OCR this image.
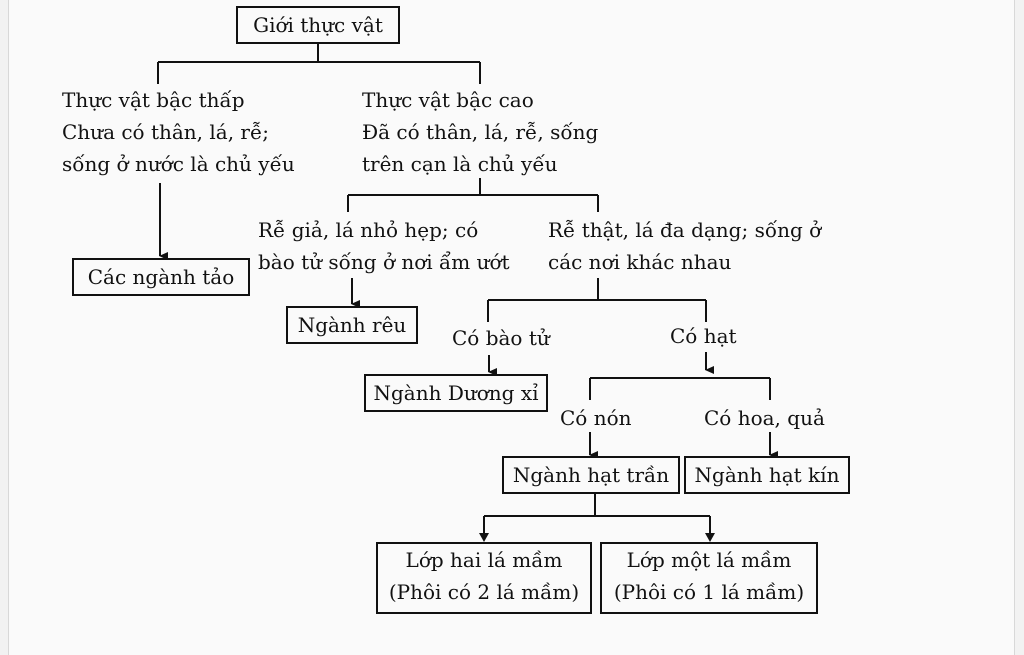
Giới thực vật
Thực vật bậc thấp
Chưa có thân, lá, rễ;
sống ở nước là chủ yếu
Các ngành tảo
Thực vật bậc cao
Đã có thân, lá, rễ, sống
trên cạn là chủ yếu
Rễ giả, lá nhỏ hẹp; có
bào tử sống ở nơi ẩm ướt
Ngành rêu
Rễ thật, lá đa dạng; sống ở
các nơi khác nhau
Có bào tử
Ngành Dương xỉ
Có hạt
Có nón
Ngành hạt trần
Có hoa, quả
Ngành hạt kín
Lớp hai lá mầm
(Phôi có 2 lá mầm)
Lớp một lá mầm
(Phôi có 1 lá mầm)
